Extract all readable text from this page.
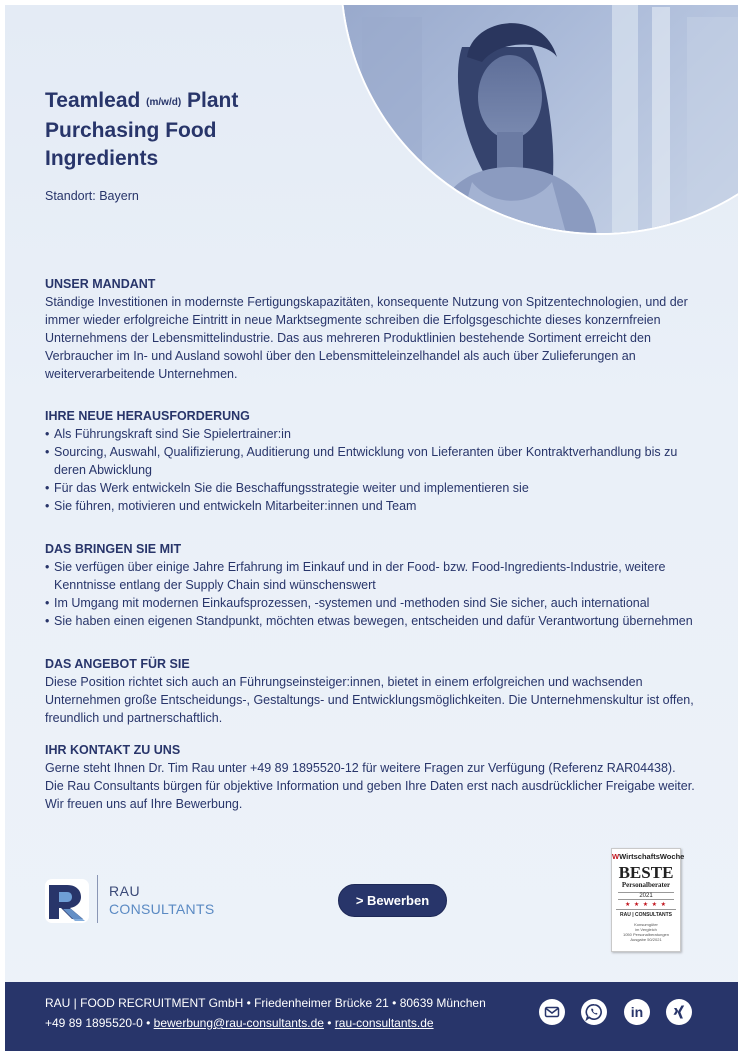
Teamlead (m/w/d) Plant
Purchasing Food
Ingredients
Standort: Bayern
UNSER MANDANT

Ständige Investitionen in modernste Fertigungskapazitäten, konsequente Nutzung von Spitzentechnologien, und der immer wieder erfolgreiche Eintritt in neue Marktsegmente schreiben die Erfolgsgeschichte dieses konzernfreien Unternehmens der Lebensmittelindustrie. Das aus mehreren Produktlinien bestehende Sortiment erreicht den Verbraucher im In- und Ausland sowohl über den Lebensmitteleinzelhandel als auch über Zulieferungen an weiterverarbeitende Unternehmen.

IHRE NEUE HERAUSFORDERUNG
• Als Führungskraft sind Sie Spielertrainer:in
• Sourcing, Auswahl, Qualifizierung, Auditierung und Entwicklung von Lieferanten über Kontraktverhandlung bis zu deren Abwicklung
• Für das Werk entwickeln Sie die Beschaffungsstrategie weiter und implementieren sie
• Sie führen, motivieren und entwickeln Mitarbeiter:innen und Team
DAS BRINGEN SIE MIT
• Sie verfügen über einige Jahre Erfahrung im Einkauf und in der Food- bzw. Food-Ingredients-Industrie, weitere Kenntnisse entlang der Supply Chain sind wünschenswert
• Im Umgang mit modernen Einkaufsprozessen, -systemen und -methoden sind Sie sicher, auch international
• Sie haben einen eigenen Standpunkt, möchten etwas bewegen, entscheiden und dafür Verantwortung übernehmen
DAS ANGEBOT FÜR SIE

Diese Position richtet sich auch an Führungseinsteiger:innen, bietet in einem erfolgreichen und wachsenden Unternehmen große Entscheidungs-, Gestaltungs- und Entwicklungsmöglichkeiten. Die Unternehmenskultur ist offen, freundlich und partnerschaftlich.

IHR KONTAKT ZU UNS

Gerne steht Ihnen Dr. Tim Rau unter +49 89 1895520-12 für weitere Fragen zur Verfügung (Referenz RAR04438). Die Rau Consultants bürgen für objektive Information und geben Ihre Daten erst nach ausdrücklicher Freigabe weiter. Wir freuen uns auf Ihre Bewerbung.

RAU
CONSULTANTS
> Bewerben
WWirtschaftsWoche
BESTE
Personalberater
2021
★ ★ ★ ★ ★
RAU | CONSULTANTS
Konsumgüter
im Vergleich
1050 Personalberatungen
Ausgabe 50/2021
RAU | FOOD RECRUITMENT GmbH • Friedenheimer Brücke 21 • 80639 München
+49 89 1895520-0 • bewerbung@rau-consultants.de • rau-consultants.de
in
